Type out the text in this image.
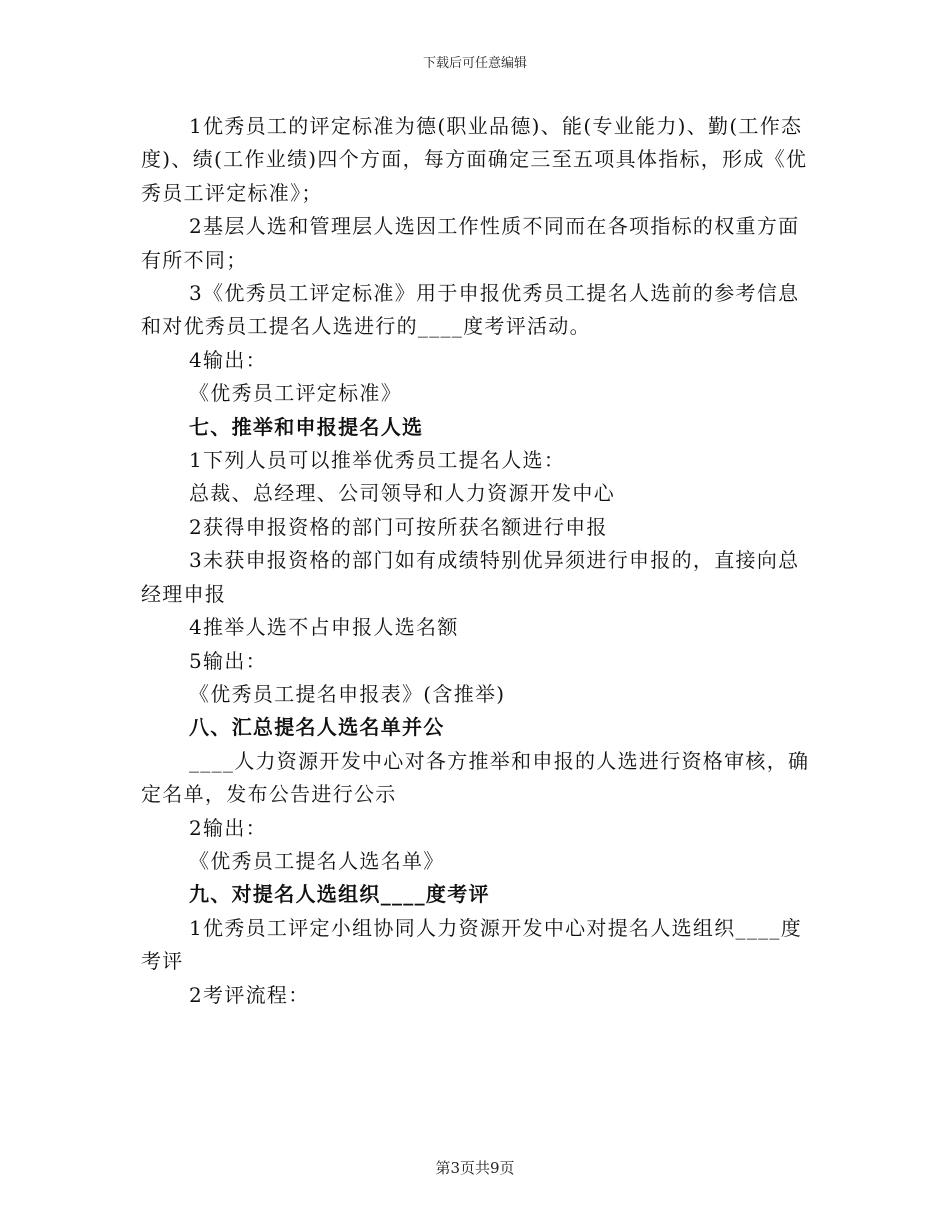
下载后可任意编辑

1优秀员工的评定标准为德(职业品德)、能(专业能力)、勤(工作态度)、绩(工作业绩)四个方面，每方面确定三至五项具体指标，形成《优秀员工评定标准》；

2基层人选和管理层人选因工作性质不同而在各项指标的权重方面有所不同；

3《优秀员工评定标准》用于申报优秀员工提名人选前的参考信息和对优秀员工提名人选进行的____度考评活动。

4输出：

《优秀员工评定标准》

七、推举和申报提名人选

1下列人员可以推举优秀员工提名人选：

总裁、总经理、公司领导和人力资源开发中心

2获得申报资格的部门可按所获名额进行申报

3未获申报资格的部门如有成绩特别优异须进行申报的，直接向总经理申报

4推举人选不占申报人选名额

5输出：

《优秀员工提名申报表》(含推举)

八、汇总提名人选名单并公

____人力资源开发中心对各方推举和申报的人选进行资格审核，确定名单，发布公告进行公示

2输出：

《优秀员工提名人选名单》

九、对提名人选组织____度考评

1优秀员工评定小组协同人力资源开发中心对提名人选组织____度考评

2考评流程：

第3页共9页
